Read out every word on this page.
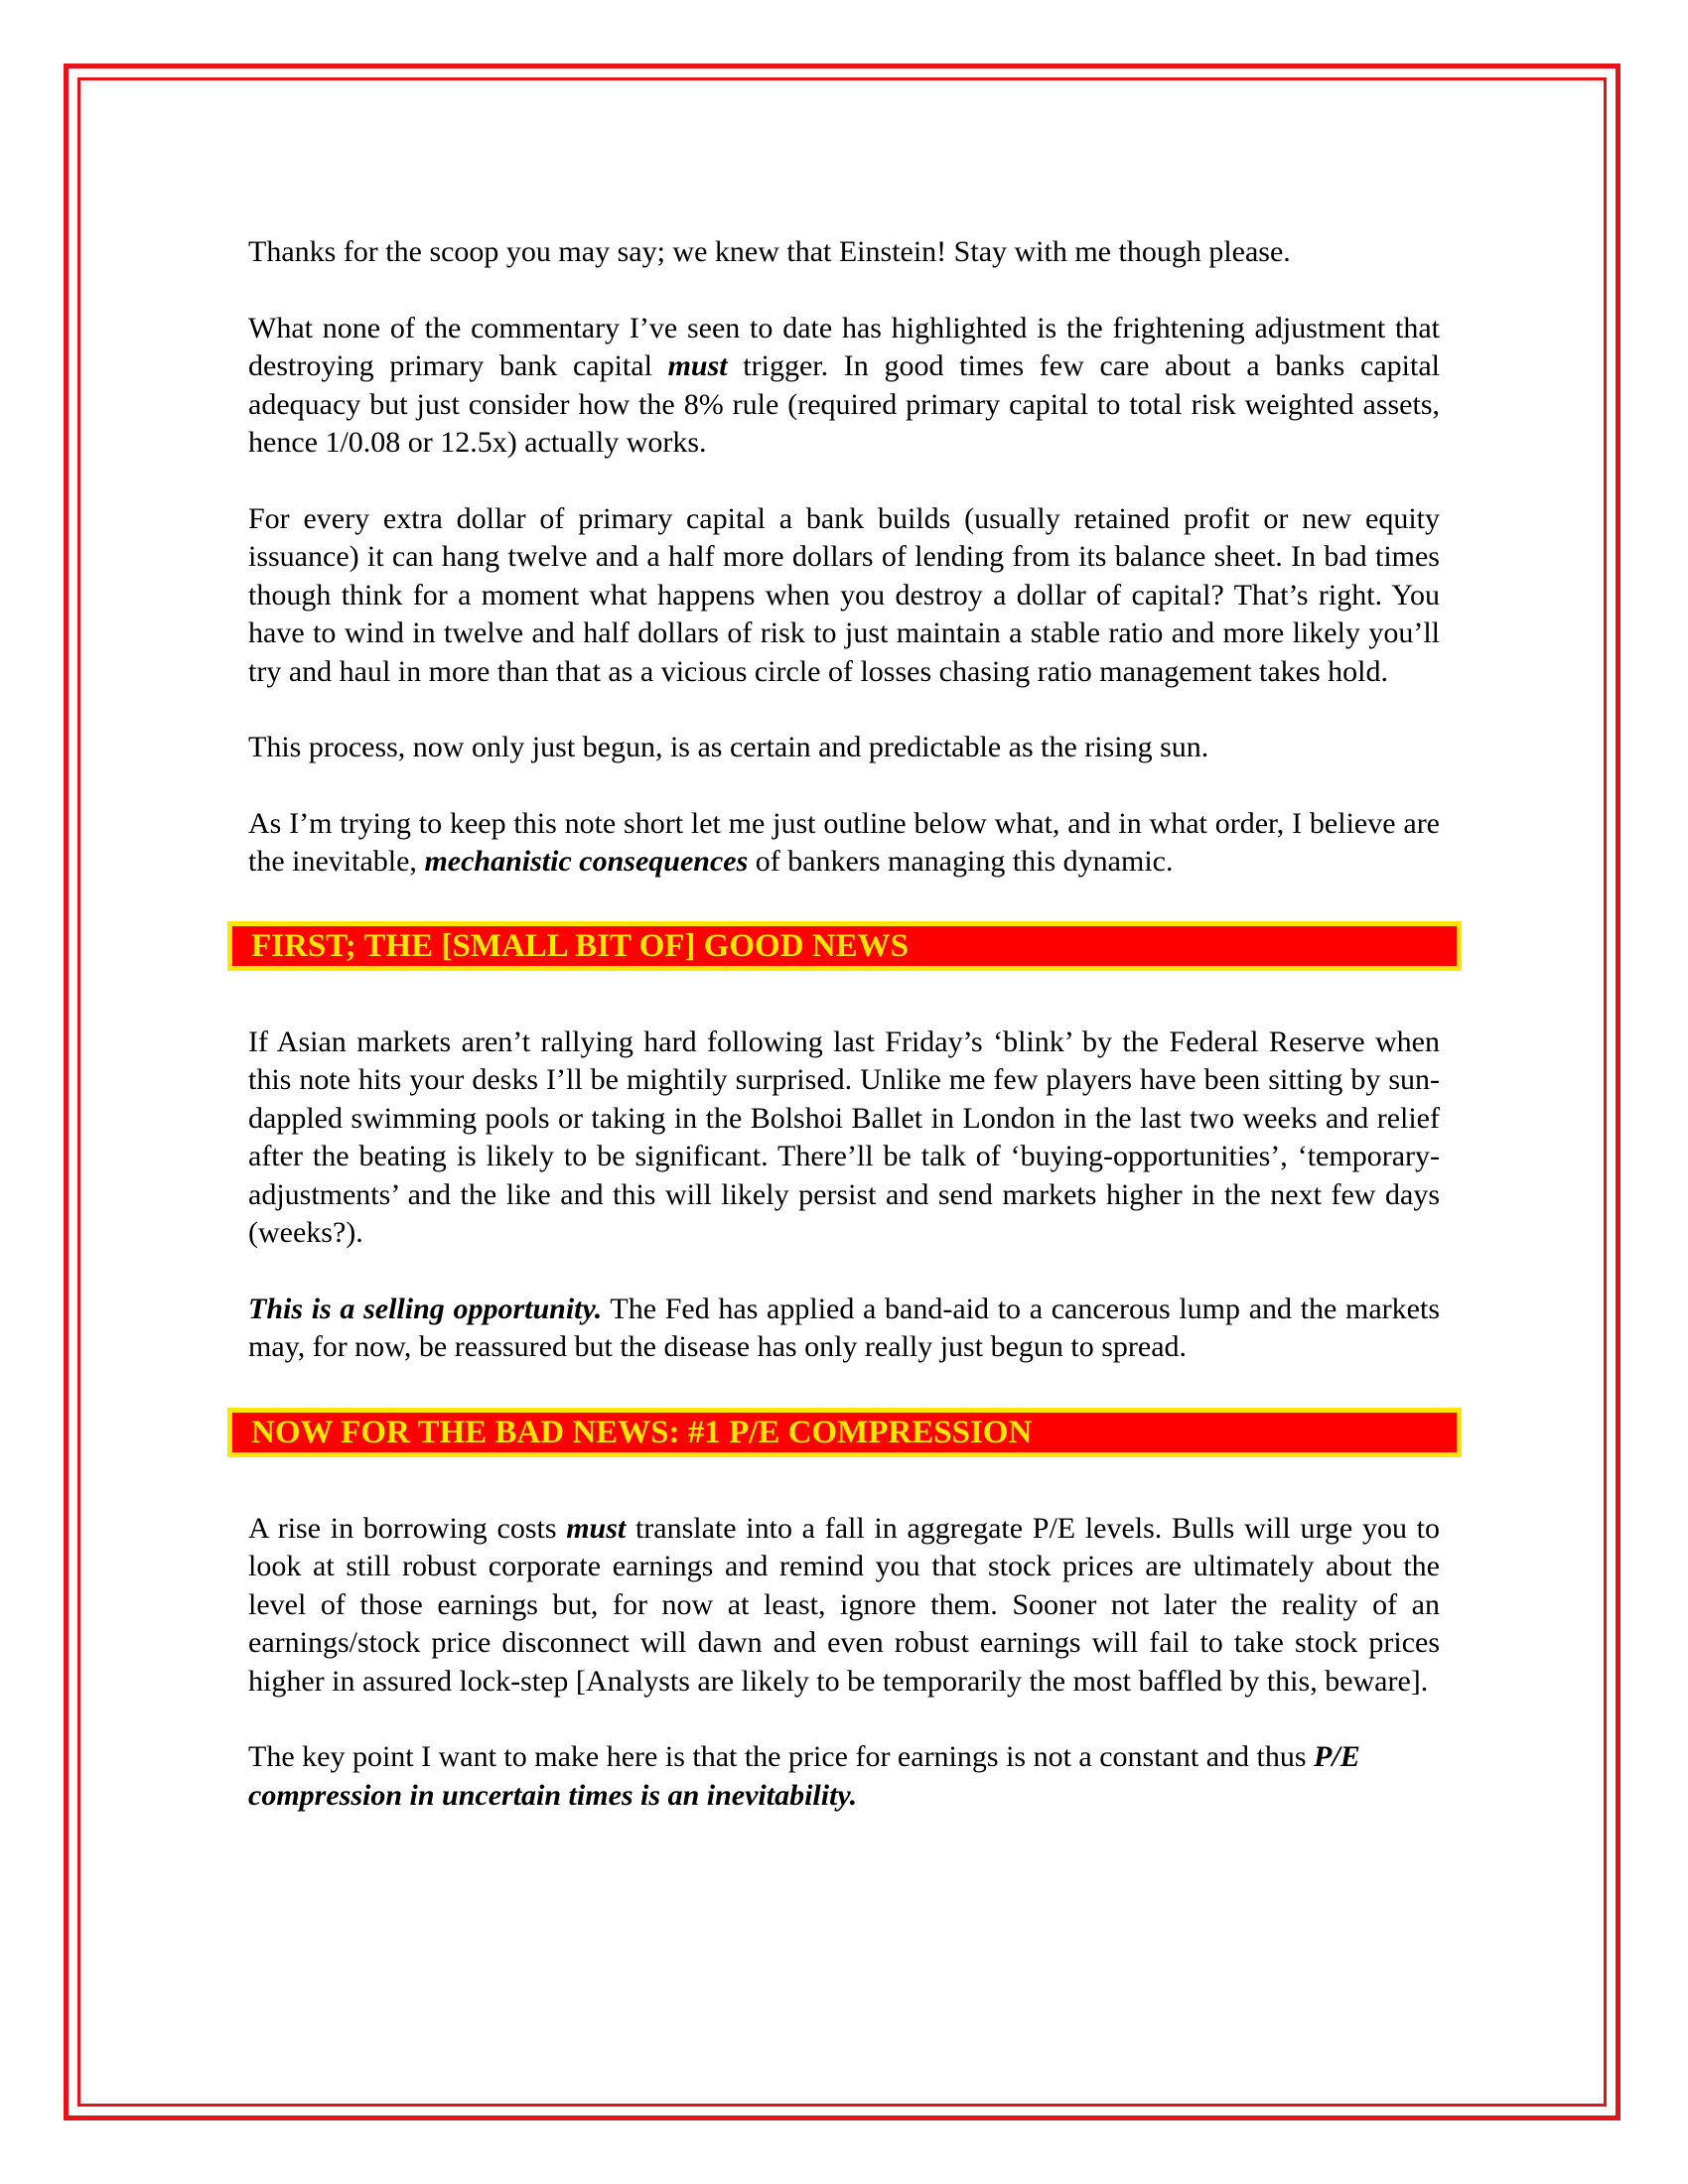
Thanks for the scoop you may say; we knew that Einstein! Stay with me though please.

What none of the commentary I’ve seen to date has highlighted is the frightening adjustment that destroying primary bank capital must trigger. In good times few care about a banks capital adequacy but just consider how the 8% rule (required primary capital to total risk weighted assets, hence 1/0.08 or 12.5x) actually works.

For every extra dollar of primary capital a bank builds (usually retained profit or new equity issuance) it can hang twelve and a half more dollars of lending from its balance sheet. In bad times though think for a moment what happens when you destroy a dollar of capital? That’s right. You have to wind in twelve and half dollars of risk to just maintain a stable ratio and more likely you’ll try and haul in more than that as a vicious circle of losses chasing ratio management takes hold.

This process, now only just begun, is as certain and predictable as the rising sun.

As I’m trying to keep this note short let me just outline below what, and in what order, I believe are the inevitable, mechanistic consequences of bankers managing this dynamic.

FIRST; THE [SMALL BIT OF] GOOD NEWS

If Asian markets aren’t rallying hard following last Friday’s ‘blink’ by the Federal Reserve when this note hits your desks I’ll be mightily surprised. Unlike me few players have been sitting by sun-dappled swimming pools or taking in the Bolshoi Ballet in London in the last two weeks and relief after the beating is likely to be significant. There’ll be talk of ‘buying-opportunities’, ‘temporary-adjustments’ and the like and this will likely persist and send markets higher in the next few days (weeks?).

This is a selling opportunity. The Fed has applied a band-aid to a cancerous lump and the markets may, for now, be reassured but the disease has only really just begun to spread.

NOW FOR THE BAD NEWS: #1 P/E COMPRESSION

A rise in borrowing costs must translate into a fall in aggregate P/E levels. Bulls will urge you to look at still robust corporate earnings and remind you that stock prices are ultimately about the level of those earnings but, for now at least, ignore them. Sooner not later the reality of an earnings/stock price disconnect will dawn and even robust earnings will fail to take stock prices higher in assured lock-step [Analysts are likely to be temporarily the most baffled by this, beware].

The key point I want to make here is that the price for earnings is not a constant and thus P/E compression in uncertain times is an inevitability.
